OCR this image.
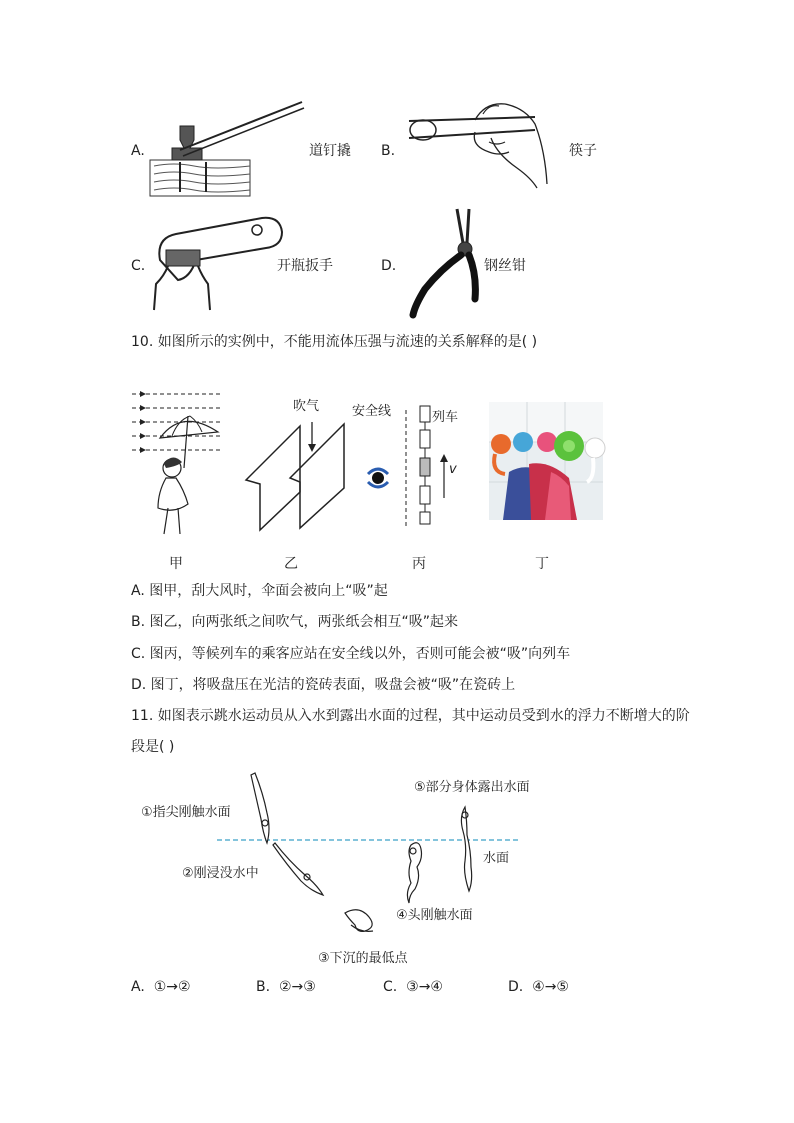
A.	道钉撬 B.	筷子
C.	开瓶扳手	D.	钢丝钳
10. 如图所示的实例中，不能用流体压强与流速的关系解释的是( )
甲
吹气
乙
安全线	列车
v
丙	丁
A. 图甲，刮大风时，伞面会被向上“吸”起
B. 图乙，向两张纸之间吹气，两张纸会相互“吸”起来
C. 图丙，等候列车的乘客应站在安全线以外，否则可能会被“吸”向列车
D. 图丁，将吸盘压在光洁的瓷砖表面，吸盘会被“吸”在瓷砖上
11. 如图表示跳水运动员从入水到露出水面的过程，其中运动员受到水的浮力不断增大的阶
段是( )
①指尖刚触水面
②刚浸没水中
③下沉的最低点
④头刚触水面
⑤部分身体露出水面
水面
A. ①→②	B. ②→③	C. ③→④	D. ④→⑤
